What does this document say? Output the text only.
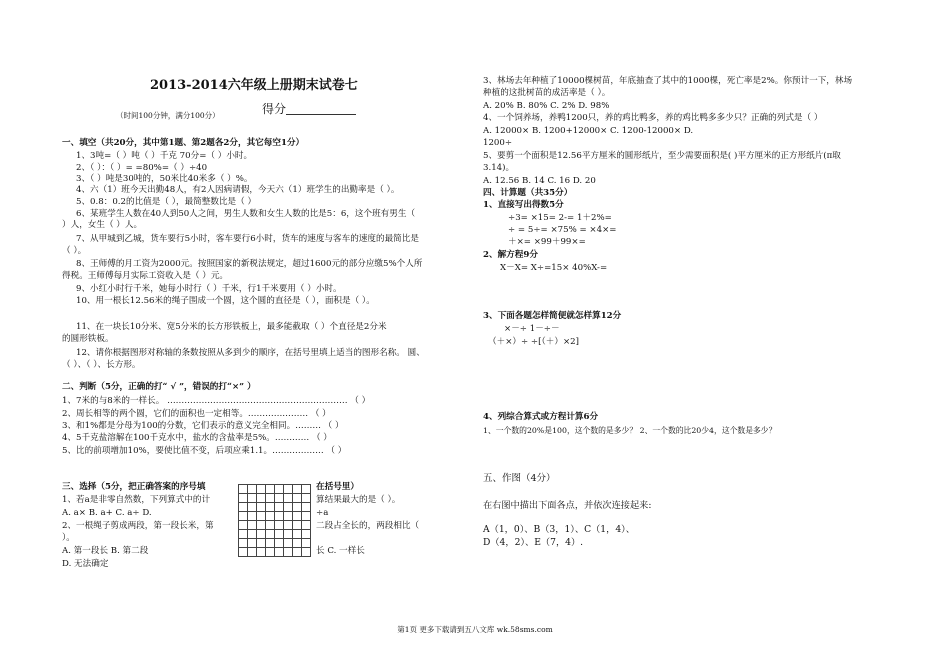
2013-2014六年级上册期末试卷七
（时间100分钟，满分100分）	得分
一、填空（共20分，其中第1题、第2题各2分，其它每空1分）
1、3吨=（ ）吨（ ）千克 70分=（ ）小时。
2、（ ）：（ ）= =80%=（ ）÷40
3、（ ）吨是30吨的，50米比40米多（ ）%。
4、六（1）班今天出勤48人，有2人因病请假，今天六（1）班学生的出勤率是（ ）。
5、0.8：0.2的比值是（ ），最简整数比是（ ）
6、某班学生人数在40人到50人之间，男生人数和女生人数的比是5：6，这个班有男生（
）人，女生（ ）人。
7、从甲城到乙城，货车要行5小时，客车要行6小时，货车的速度与客车的速度的最简比是
（ ）。
8、王师傅的月工资为2000元。按照国家的新税法规定，超过1600元的部分应缴5%个人所
得税。王师傅每月实际工资收入是（ ）元。
9、小红小时行千米，她每小时行（ ）千米，行1千米要用（ ）小时。
10、用一根长12.56米的绳子围成一个圆，这个圆的直径是（ ），面积是（ ）。
11、在一块长10分米、宽5分米的长方形铁板上，最多能截取（ ）个直径是2分米
的圆形铁板。
12、请你根据图形对称轴的条数按照从多到少的顺序，在括号里填上适当的图形名称。 圆、
（ ）、（ ）、长方形。
二、判断（5分，正确的打“ √ ”，错误的打“×” ）
1、7米的与8米的一样长。 ……………………………………………………… （ ）
2、周长相等的两个圆，它们的面积也一定相等。………………… （ ）
3、和1%都是分母为100的分数，它们表示的意义完全相同。……… （ ）
4、5千克盐溶解在100千克水中，盐水的含盐率是5%。………… （ ）
5、比的前项增加10%，要使比值不变，后项应乘1.1。……………… （ ）
三、选择（5分，把正确答案的序号填	在括号里）
1、若a是非零自然数，下列算式中的计
A. a× B. a+ C. a÷ D.
2、一根绳子剪成两段，第一段长米，第
）。
A. 第一段长 B. 第二段
D. 无法确定
算结果最大的是（ ）。
÷a
二段占全长的，两段相比（
长 C. 一样长
3、林场去年种植了10000棵树苗，年底抽查了其中的1000棵，死亡率是2%。你预计一下，林场
种植的这批树苗的成活率是（ ）。
A. 20% B. 80% C. 2% D. 98%
4、一个饲养场，养鸭1200只，养的鸡比鸭多，养的鸡比鸭多多少只？正确的列式是（ ）
A. 12000× B. 1200+12000× C. 1200-12000× D.
1200÷
5、要剪一个面积是12.56平方厘米的圆形纸片，至少需要面积是( )平方厘米的正方形纸片(π取
3.14)。
A. 12.56 B. 14 C. 16 D. 20
四、计算题（共35分）
1、直接写出得数5分
÷3= ×15= 2-= 1＋2%=
÷ = 5÷= ×75% = ×4×=
＋×= ×99＋99×=
2、解方程9分
X－X= X÷=15× 40%X-=
3、下面各题怎样简便就怎样算12分
×－÷ 1－÷－
（＋×）÷ ÷[（＋）×2]
4、列综合算式或方程计算6分
1、一个数的20%是100，这个数的是多少？ 2、一个数的比20少4，这个数是多少？
五、作图（4分）
在右图中描出下面各点，并依次连接起来:
A（1，0）、B（3，1）、C（1，4）、
D（4，2）、E（7，4）.
第1页 更多下载请到五八文库 wk.58sms.com
